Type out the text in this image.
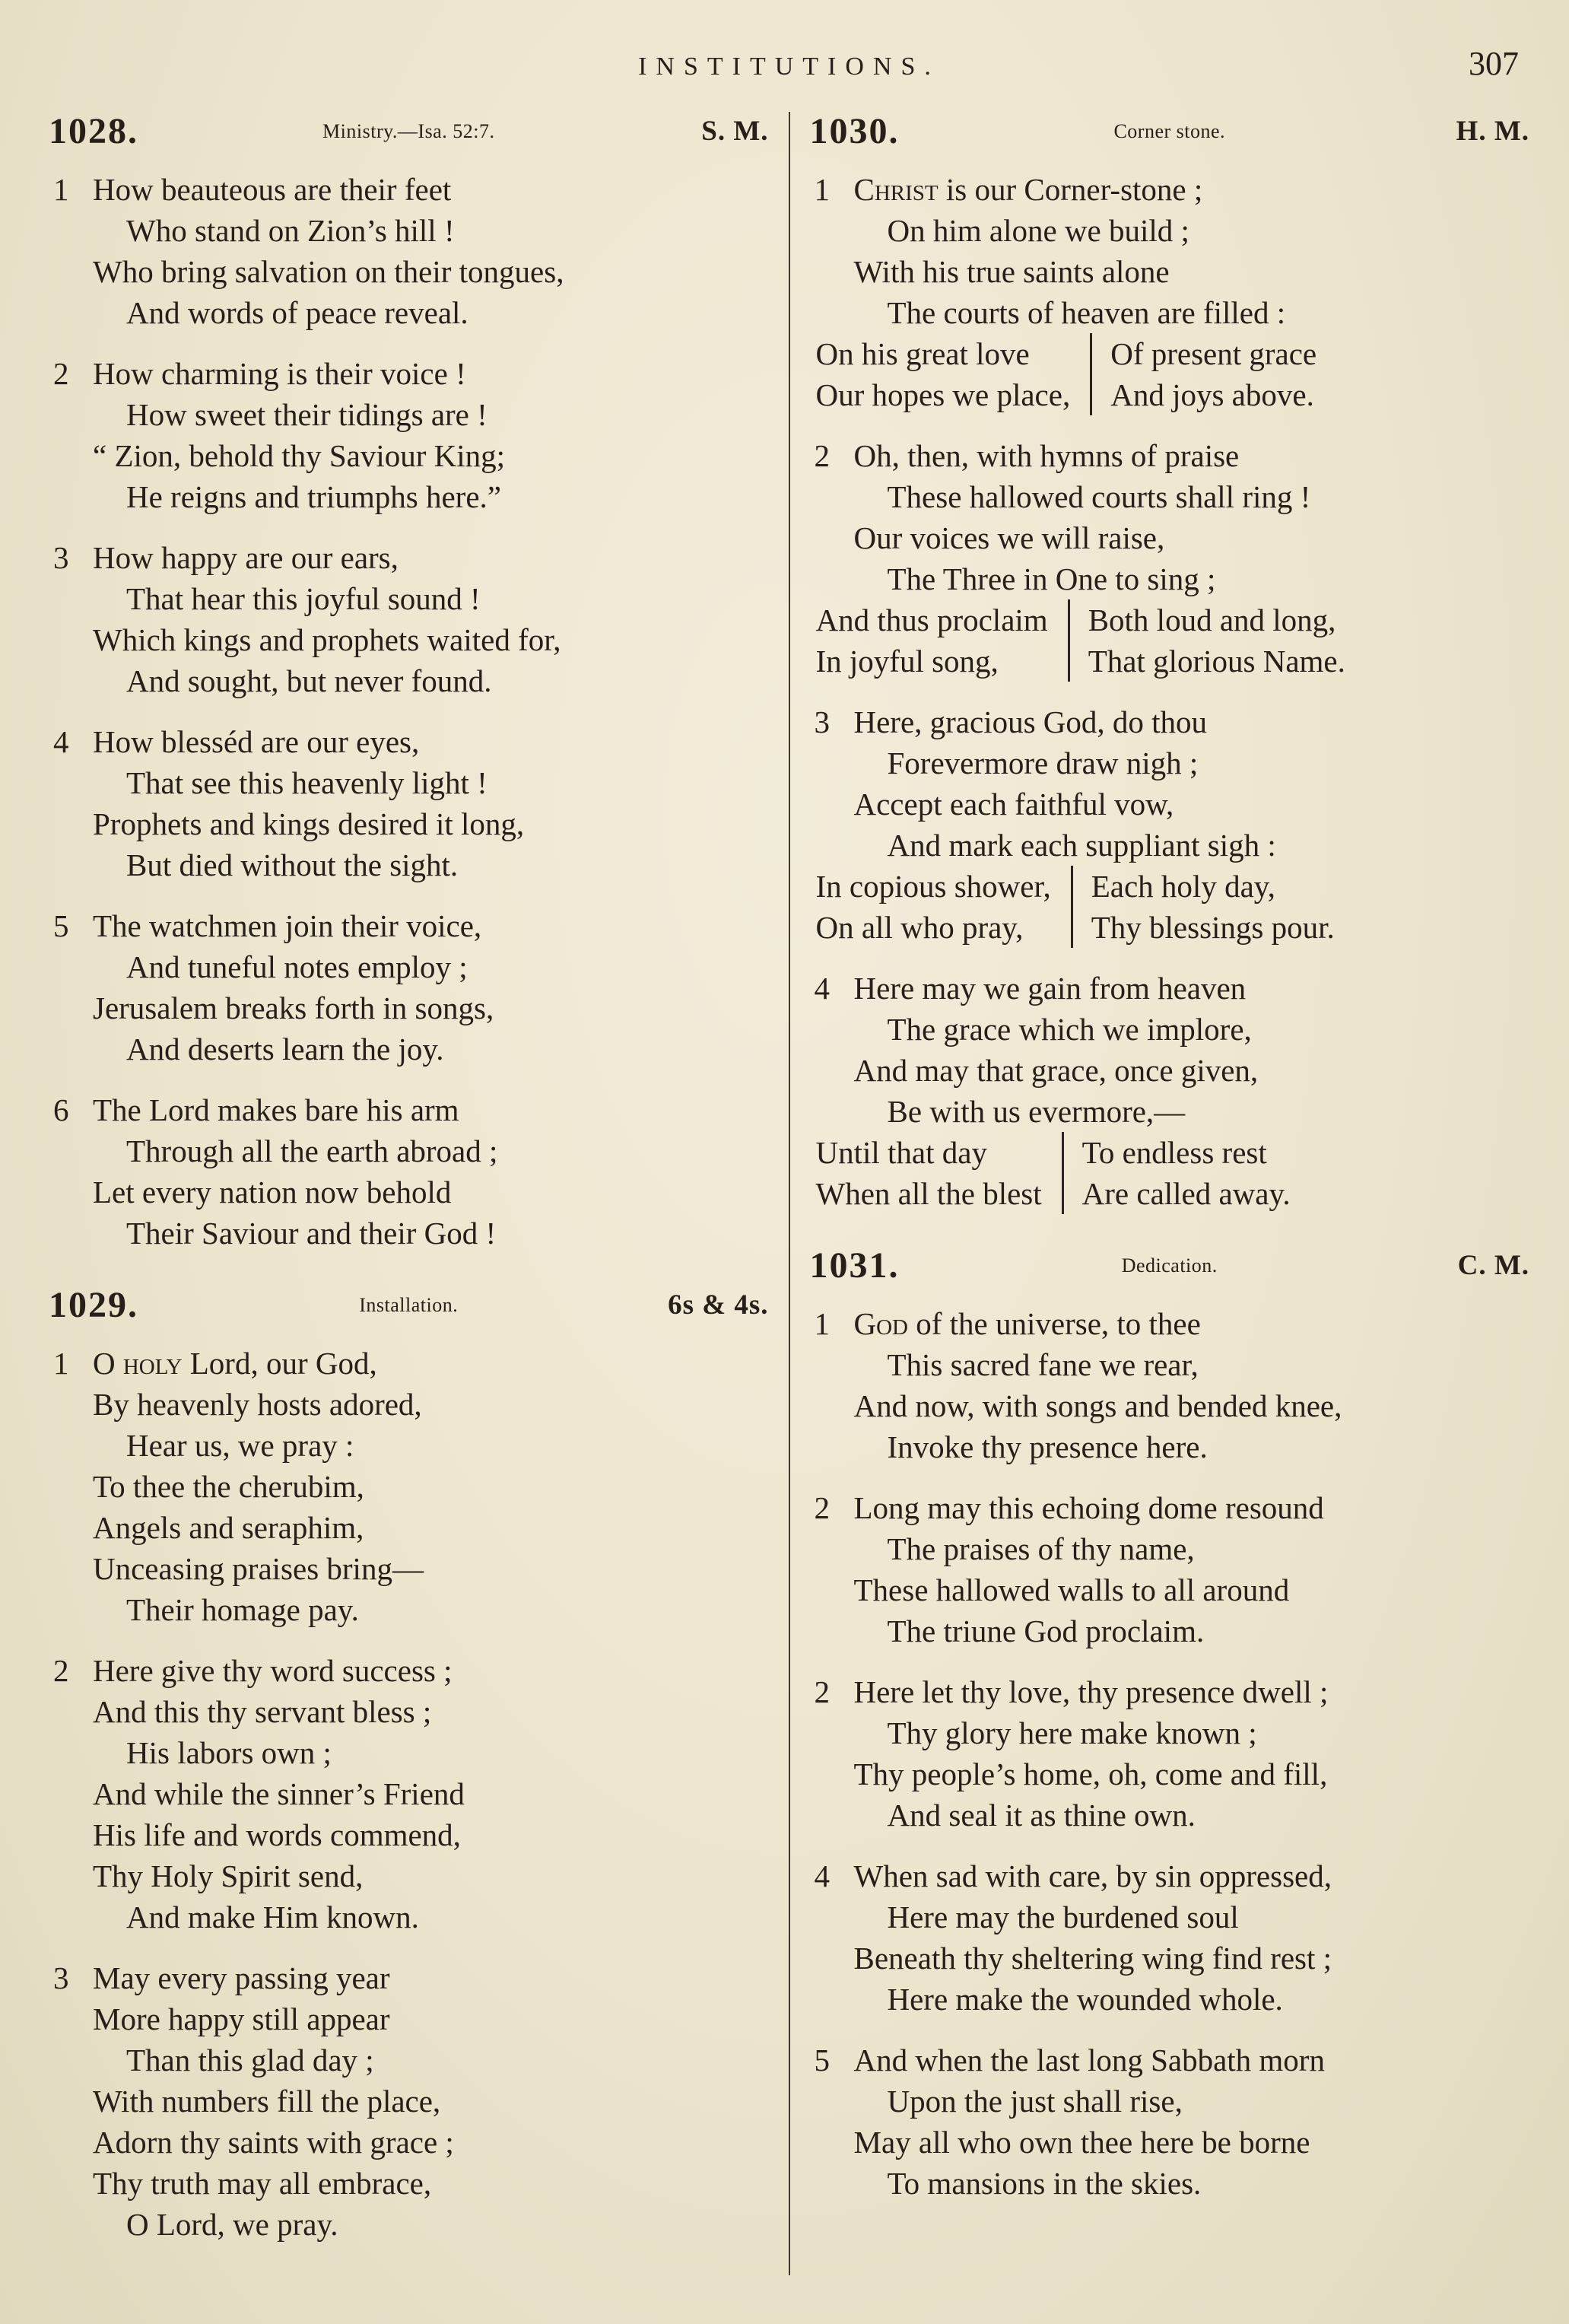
INSTITUTIONS.	307
1028.	Ministry.—Isa. 52:7.	S. M.
1 How beauteous are their feet
Who stand on Zion’s hill !
Who bring salvation on their tongues,
And words of peace reveal.
2 How charming is their voice !
How sweet their tidings are !
“ Zion, behold thy Saviour King;
He reigns and triumphs here.”
3 How happy are our ears,
That hear this joyful sound !
Which kings and prophets waited for,
And sought, but never found.
4 How blesséd are our eyes,
That see this heavenly light !
Prophets and kings desired it long,
But died without the sight.
5 The watchmen join their voice,
And tuneful notes employ ;
Jerusalem breaks forth in songs,
And deserts learn the joy.
6 The Lord makes bare his arm
Through all the earth abroad ;
Let every nation now behold
Their Saviour and their God !
1029.	Installation.	6s & 4s.
1 O holy Lord, our God,
By heavenly hosts adored,
Hear us, we pray :
To thee the cherubim,
Angels and seraphim,
Unceasing praises bring—
Their homage pay.
2 Here give thy word success ;
And this thy servant bless ;
His labors own ;
And while the sinner’s Friend
His life and words commend,
Thy Holy Spirit send,
And make Him known.
3 May every passing year
More happy still appear
Than this glad day ;
With numbers fill the place,
Adorn thy saints with grace ;
Thy truth may all embrace,
O Lord, we pray.
1030.	Corner stone.	H. M.
1 Christ is our Corner-stone ;
On him alone we build ;
With his true saints alone
The courts of heaven are filled :
On his great love	Of present grace
Our hopes we place,	And joys above.
2 Oh, then, with hymns of praise
These hallowed courts shall ring !
Our voices we will raise,
The Three in One to sing ;
And thus proclaim	Both loud and long,
In joyful song,	That glorious Name.
3 Here, gracious God, do thou
Forevermore draw nigh ;
Accept each faithful vow,
And mark each suppliant sigh :
In copious shower,	Each holy day,
On all who pray,	Thy blessings pour.
4 Here may we gain from heaven
The grace which we implore,
And may that grace, once given,
Be with us evermore,—
Until that day	To endless rest
When all the blest	Are called away.
1031.	Dedication.	C. M.
1 God of the universe, to thee
This sacred fane we rear,
And now, with songs and bended knee,
Invoke thy presence here.
2 Long may this echoing dome resound
The praises of thy name,
These hallowed walls to all around
The triune God proclaim.
2 Here let thy love, thy presence dwell ;
Thy glory here make known ;
Thy people’s home, oh, come and fill,
And seal it as thine own.
4 When sad with care, by sin oppressed,
Here may the burdened soul
Beneath thy sheltering wing find rest ;
Here make the wounded whole.
5 And when the last long Sabbath morn
Upon the just shall rise,
May all who own thee here be borne
To mansions in the skies.
